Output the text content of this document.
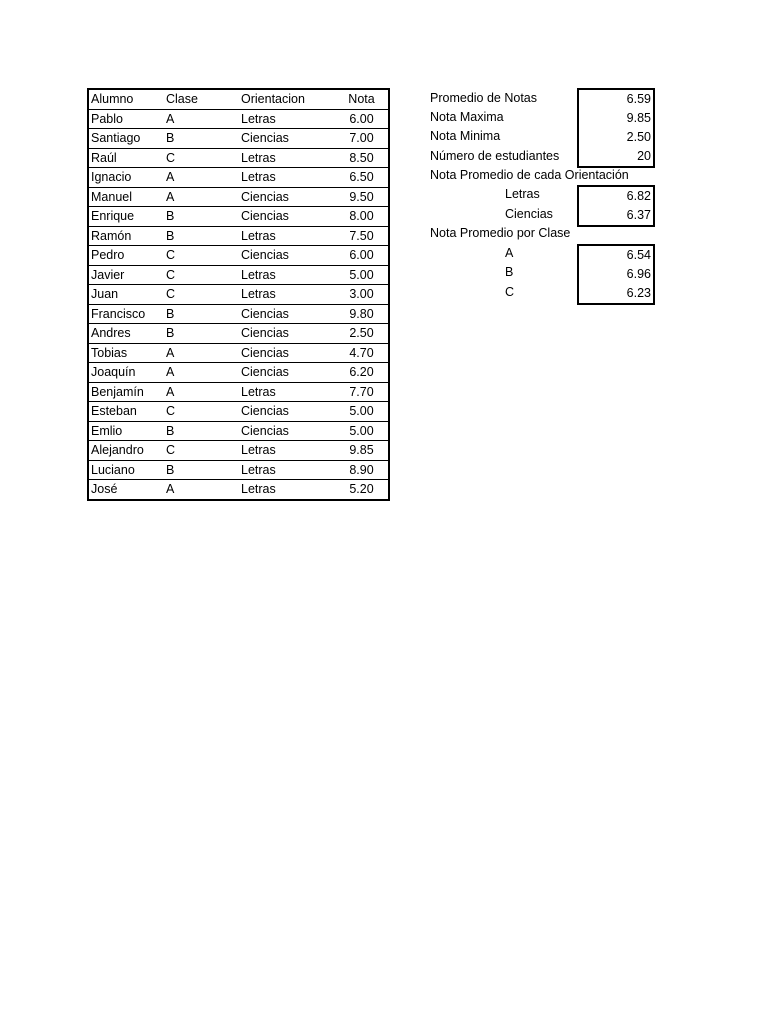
Alumno	Clase	Orientacion	Nota
Pablo	A	Letras	6.00
Santiago	B	Ciencias	7.00
Raúl	C	Letras	8.50
Ignacio	A	Letras	6.50
Manuel	A	Ciencias	9.50
Enrique	B	Ciencias	8.00
Ramón	B	Letras	7.50
Pedro	C	Ciencias	6.00
Javier	C	Letras	5.00
Juan	C	Letras	3.00
Francisco	B	Ciencias	9.80
Andres	B	Ciencias	2.50
Tobias	A	Ciencias	4.70
Joaquín	A	Ciencias	6.20
Benjamín	A	Letras	7.70
Esteban	C	Ciencias	5.00
Emlio	B	Ciencias	5.00
Alejandro	C	Letras	9.85
Luciano	B	Letras	8.90
José	A	Letras	5.20
Promedio de Notas	6.59
Nota Maxima	9.85
Nota Minima	2.50
Número de estudiantes	20
Nota Promedio de cada Orientación
Letras	6.82
Ciencias	6.37
Nota Promedio por Clase
A	6.54
B	6.96
C	6.23
